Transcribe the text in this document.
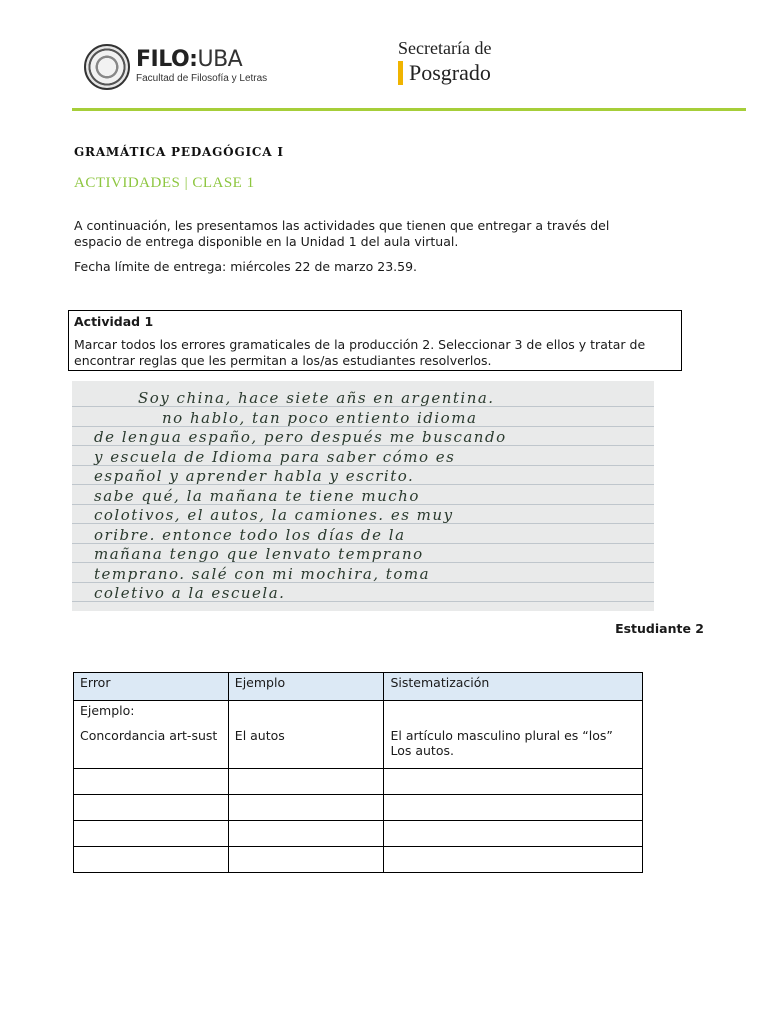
FILO:UBA
Facultad de Filosofía y Letras
Secretaría de
Posgrado
GRAMÁTICA PEDAGÓGICA I
ACTIVIDADES | CLASE 1
A continuación, les presentamos las actividades que tienen que entregar a través del espacio de entrega disponible en la Unidad 1 del aula virtual.
Fecha límite de entrega: miércoles 22 de marzo 23.59.
Actividad 1
Marcar todos los errores gramaticales de la producción 2. Seleccionar 3 de ellos y tratar de encontrar reglas que les permitan a los/as estudiantes resolverlos.
Soy china, hace siete añs en argentina.
no hablo, tan poco entiento idioma
de lengua españo, pero después me buscando
y escuela de Idioma para saber cómo es
español y aprender habla y escrito.
sabe qué, la mañana te tiene mucho
colotivos, el autos, la camiones. es muy
oribre. entonce todo los días de la
mañana tengo que lenvato temprano
temprano. salé con mi mochira, toma
coletivo a la escuela.
Estudiante 2
Error	Ejemplo	Sistematización

Ejemplo:
Concordancia art-sust	El autos	El artículo masculino plural es “los” Los autos.
